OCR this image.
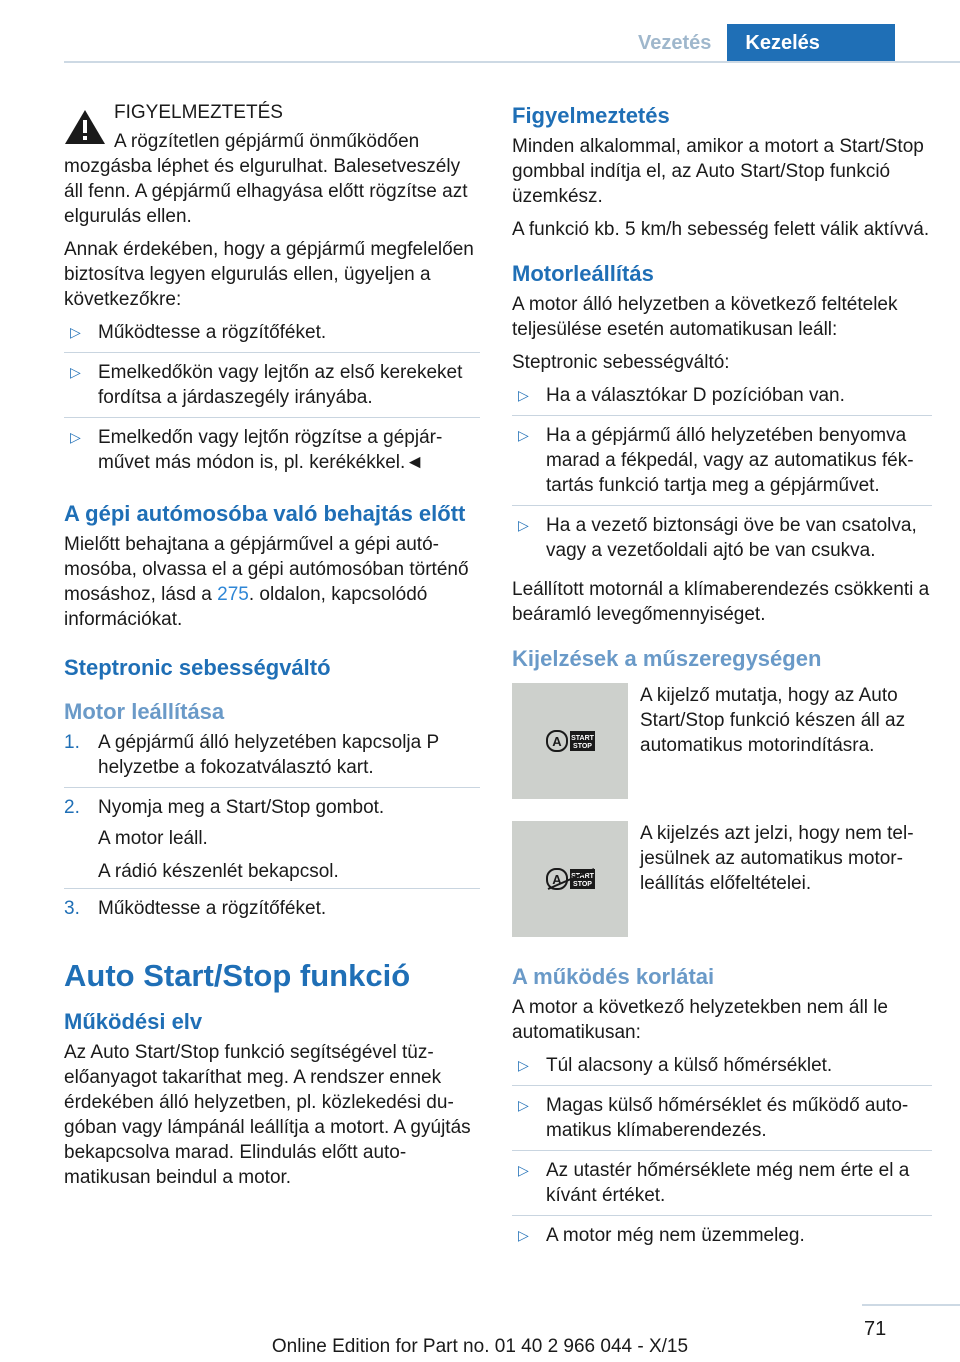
Vezetés	Kezelés

FIGYELMEZTETÉS

A rögzítetlen gépjármű önműködően mozgásba léphet és elgurulhat. Balesetveszély áll fenn. A gépjármű elhagyása előtt rögzítse azt elgurulás ellen.

Annak érdekében, hogy a gépjármű megfelelően biztosítva legyen elgurulás ellen, ügyeljen a következőkre:

▷ Működtesse a rögzítőféket.
▷ Emelkedőkön vagy lejtőn az első kerekeket fordítsa a járdaszegély irányába.
▷ Emelkedőn vagy lejtőn rögzítse a gépjárművet más módon is, pl. kerékékkel.◄
A gépi autómosóba való behajtás előtt

Mielőtt behajtana a gépjárművel a gépi autómosóba, olvassa el a gépi autómosóban történő mosáshoz, lásd a 275. oldalon, kapcsolódó információkat.

Steptronic sebességváltó
Motor leállítása
1. A gépjármű álló helyzetében kapcsolja P helyzetbe a fokozatválasztó kart.
2. Nyomja meg a Start/Stop gombot.
A motor leáll.
A rádió készenlét bekapcsol.
3. Működtesse a rögzítőféket.
Auto Start/Stop funkció
Működési elv

Az Auto Start/Stop funkció segítségével tüzelőanyagot takaríthat meg. A rendszer ennek érdekében álló helyzetben, pl. közlekedési dugóban vagy lámpánál leállítja a motort. A gyújtás bekapcsolva marad. Elindulás előtt automatikusan beindul a motor.

Figyelmeztetés

Minden alkalommal, amikor a motort a Start/Stop gombbal indítja el, az Auto Start/Stop funkció üzemkész.

A funkció kb. 5 km/h sebesség felett válik aktívvá.

Motorleállítás

A motor álló helyzetben a következő feltételek teljesülése esetén automatikusan leáll:

Steptronic sebességváltó:

▷ Ha a választókar D pozícióban van.
▷ Ha a gépjármű álló helyzetében benyomva marad a fékpedál, vagy az automatikus féktartás funkció tartja meg a gépjárművet.
▷ Ha a vezető biztonsági öve be van csatolva, vagy a vezetőoldali ajtó be van csukva.

Leállított motornál a klímaberendezés csökkenti a beáramló levegőmennyiséget.

Kijelzések a műszeregységen
A START
STOP
A kijelző mutatja, hogy az Auto Start/Stop funkció készen áll az automatikus motorindításra.
A START
STOP
A kijelzés azt jelzi, hogy nem teljesülnek az automatikus motorleállítás előfeltételei.
A működés korlátai

A motor a következő helyzetekben nem áll le automatikusan:

▷ Túl alacsony a külső hőmérséklet.
▷ Magas külső hőmérséklet és működő automatikus klímaberendezés.
▷ Az utastér hőmérséklete még nem érte el a kívánt értéket.
▷ A motor még nem üzemmeleg.
71
Online Edition for Part no. 01 40 2 966 044 - X/15
